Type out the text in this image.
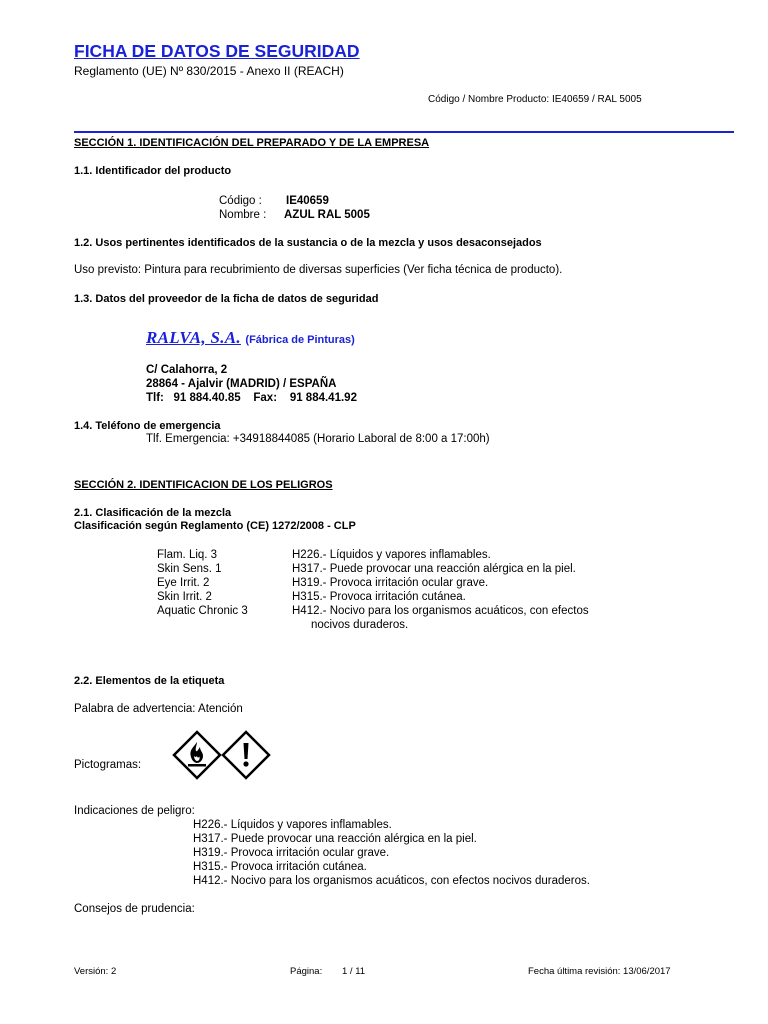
FICHA DE DATOS DE SEGURIDAD
Reglamento (UE) Nº 830/2015 - Anexo II (REACH)
Código / Nombre Producto: IE40659 / RAL 5005
SECCIÓN 1. IDENTIFICACIÓN DEL PREPARADO Y DE LA EMPRESA
1.1. Identificador del producto
Código : IE40659
Nombre : AZUL RAL 5005
1.2. Usos pertinentes identificados de la sustancia o de la mezcla y usos desaconsejados
Uso previsto: Pintura para recubrimiento de diversas superficies (Ver ficha técnica de producto).
1.3. Datos del proveedor de la ficha de datos de seguridad
RALVA, S.A. (Fábrica de Pinturas)
C/ Calahorra, 2
28864 - Ajalvir (MADRID) / ESPAÑA
Tlf:   91 884.40.85    Fax:    91 884.41.92
1.4. Teléfono de emergencia
Tlf. Emergencia: +34918844085 (Horario Laboral de 8:00 a 17:00h)
SECCIÓN 2. IDENTIFICACION DE LOS PELIGROS
2.1. Clasificación de la mezcla
Clasificación según Reglamento (CE) 1272/2008 - CLP
Flam. Liq. 3	H226.- Líquidos y vapores inflamables.
Skin Sens. 1	H317.- Puede provocar una reacción alérgica en la piel.
Eye Irrit. 2	H319.- Provoca irritación ocular grave.
Skin Irrit. 2	H315.- Provoca irritación cutánea.
Aquatic Chronic 3	H412.- Nocivo para los organismos acuáticos, con efectos
nocivos duraderos.
2.2. Elementos de la etiqueta
Palabra de advertencia: Atención
Pictogramas:
Indicaciones de peligro:
H226.- Líquidos y vapores inflamables.
H317.- Puede provocar una reacción alérgica en la piel.
H319.- Provoca irritación ocular grave.
H315.- Provoca irritación cutánea.
H412.- Nocivo para los organismos acuáticos, con efectos nocivos duraderos.
Consejos de prudencia:
Versión: 2	Página: 1 / 11	Fecha última revisión: 13/06/2017
